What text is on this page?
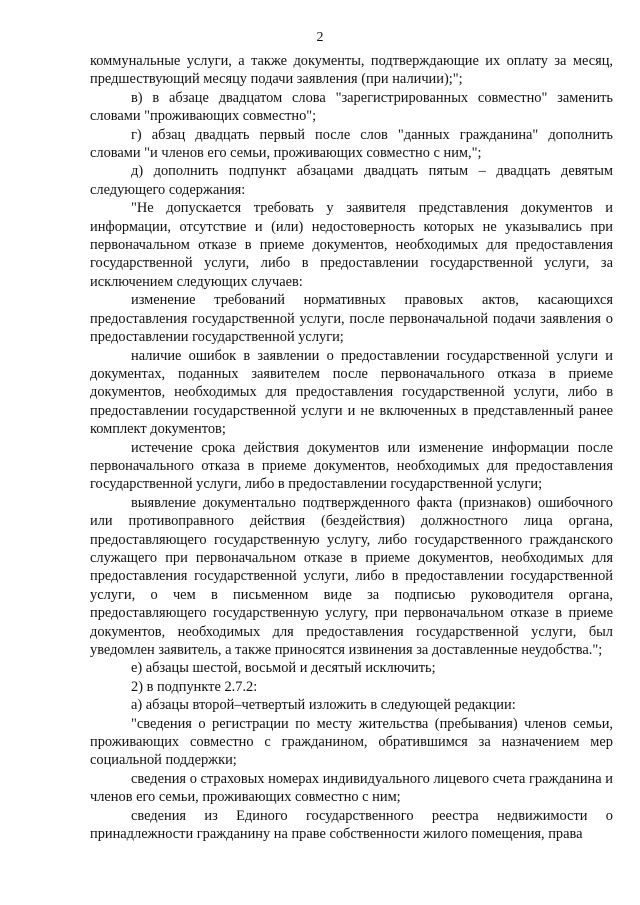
2

коммунальные услуги, а также документы, подтверждающие их оплату за месяц, предшествующий месяцу подачи заявления (при наличии);";

в) в абзаце двадцатом слова "зарегистрированных совместно" заменить словами "проживающих совместно";

г) абзац двадцать первый после слов "данных гражданина" дополнить словами "и членов его семьи, проживающих совместно с ним,";

д) дополнить подпункт абзацами двадцать пятым – двадцать девятым следующего содержания:

"Не допускается требовать у заявителя представления документов и информации, отсутствие и (или) недостоверность которых не указывались при первоначальном отказе в приеме документов, необходимых для предоставления государственной услуги, либо в предоставлении государственной услуги, за исключением следующих случаев:

изменение требований нормативных правовых актов, касающихся предоставления государственной услуги, после первоначальной подачи заявления о предоставлении государственной услуги;

наличие ошибок в заявлении о предоставлении государственной услуги и документах, поданных заявителем после первоначального отказа в приеме документов, необходимых для предоставления государственной услуги, либо в предоставлении государственной услуги и не включенных в представленный ранее комплект документов;

истечение срока действия документов или изменение информации после первоначального отказа в приеме документов, необходимых для предоставления государственной услуги, либо в предоставлении государственной услуги;

выявление документально подтвержденного факта (признаков) ошибочного или противоправного действия (бездействия) должностного лица органа, предоставляющего государственную услугу, либо государственного гражданского служащего при первоначальном отказе в приеме документов, необходимых для предоставления государственной услуги, либо в предоставлении государственной услуги, о чем в письменном виде за подписью руководителя органа, предоставляющего государственную услугу, при первоначальном отказе в приеме документов, необходимых для предоставления государственной услуги, был уведомлен заявитель, а также приносятся извинения за доставленные неудобства.";

е) абзацы шестой, восьмой и десятый исключить;

2) в подпункте 2.7.2:

а) абзацы второй–четвертый изложить в следующей редакции:

"сведения о регистрации по месту жительства (пребывания) членов семьи, проживающих совместно с гражданином, обратившимся за назначением мер социальной поддержки;

сведения о страховых номерах индивидуального лицевого счета гражданина и членов его семьи, проживающих совместно с ним;

сведения из Единого государственного реестра недвижимости о принадлежности гражданину на праве собственности жилого помещения, права
